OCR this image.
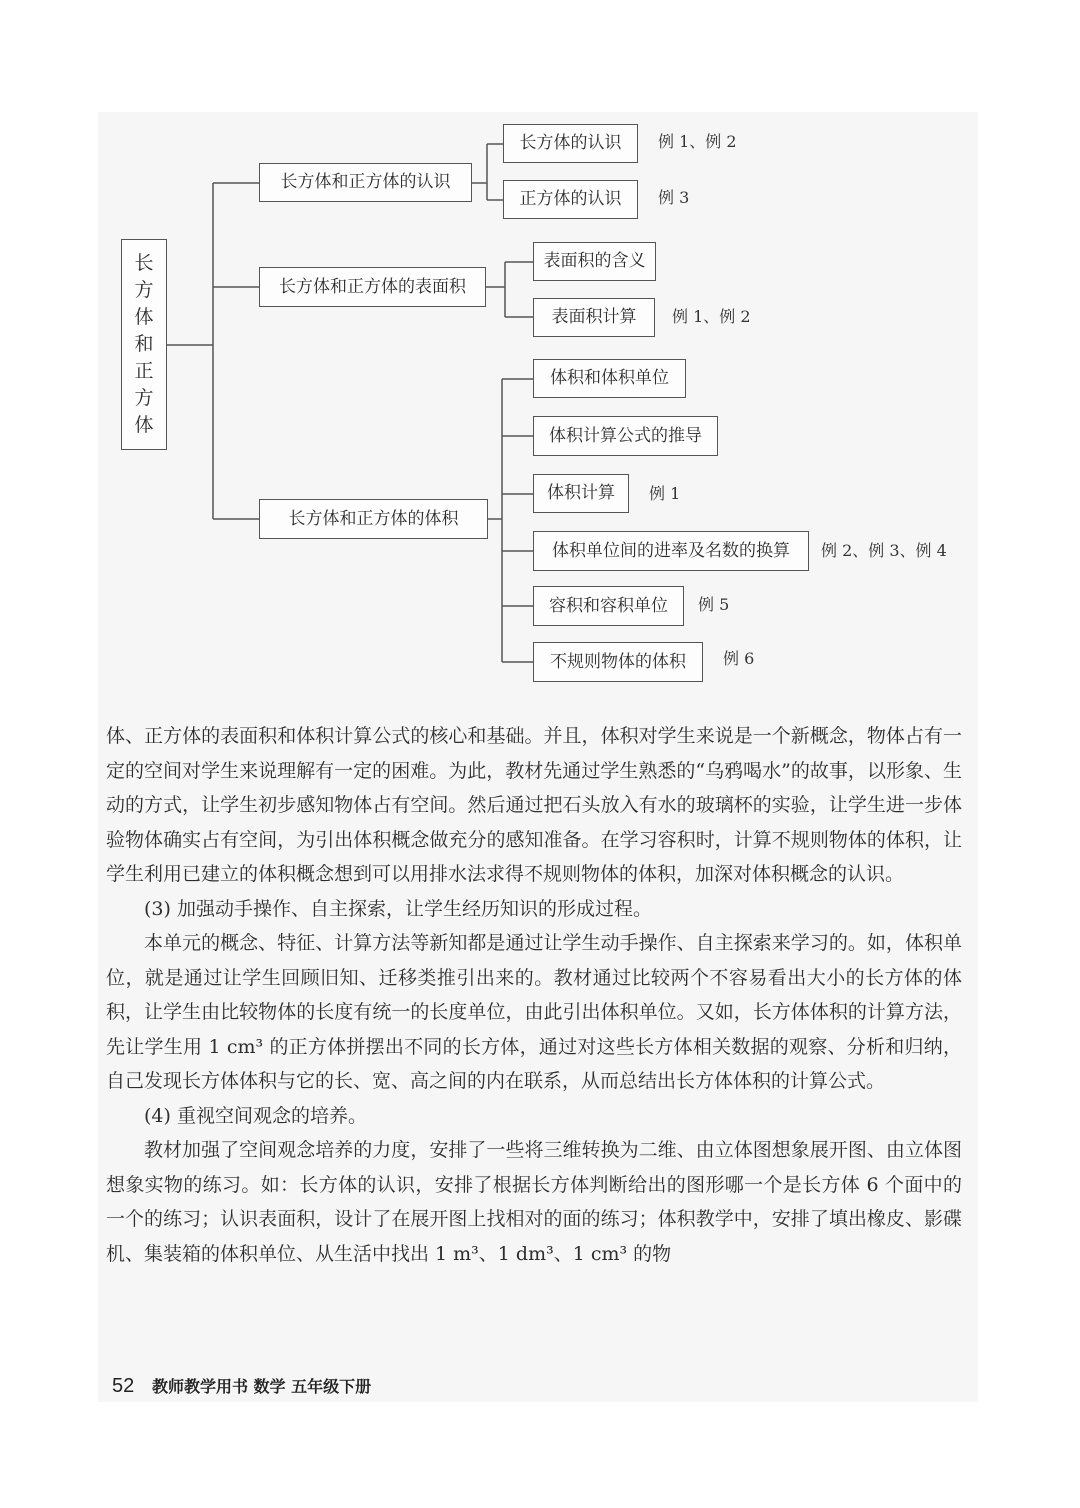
长
方
体
和
正
方
体
长方体和正方体的认识
长方体和正方体的表面积
长方体和正方体的体积
长方体的认识	例 1、例 2
正方体的认识	例 3
表面积的含义
表面积计算	例 1、例 2
体积和体积单位
体积计算公式的推导
体积计算	例 1
体积单位间的进率及名数的换算	例 2、例 3、例 4
容积和容积单位	例 5
不规则物体的体积	例 6

体、正方体的表面积和体积计算公式的核心和基础。并且，体积对学生来说是一个新概念，物体占有一定的空间对学生来说理解有一定的困难。为此，教材先通过学生熟悉的“乌鸦喝水”的故事，以形象、生动的方式，让学生初步感知物体占有空间。然后通过把石头放入有水的玻璃杯的实验，让学生进一步体验物体确实占有空间，为引出体积概念做充分的感知准备。在学习容积时，计算不规则物体的体积，让学生利用已建立的体积概念想到可以用排水法求得不规则物体的体积，加深对体积概念的认识。

(3) 加强动手操作、自主探索，让学生经历知识的形成过程。

本单元的概念、特征、计算方法等新知都是通过让学生动手操作、自主探索来学习的。如，体积单位，就是通过让学生回顾旧知、迁移类推引出来的。教材通过比较两个不容易看出大小的长方体的体积，让学生由比较物体的长度有统一的长度单位，由此引出体积单位。又如，长方体体积的计算方法，先让学生用 1 cm³ 的正方体拼摆出不同的长方体，通过对这些长方体相关数据的观察、分析和归纳，自己发现长方体体积与它的长、宽、高之间的内在联系，从而总结出长方体体积的计算公式。

(4) 重视空间观念的培养。

教材加强了空间观念培养的力度，安排了一些将三维转换为二维、由立体图想象展开图、由立体图想象实物的练习。如：长方体的认识，安排了根据长方体判断给出的图形哪一个是长方体 6 个面中的一个的练习；认识表面积，设计了在展开图上找相对的面的练习；体积教学中，安排了填出橡皮、影碟机、集装箱的体积单位、从生活中找出 1 m³、1 dm³、1 cm³ 的物

52 教师教学用书 数学 五年级下册
